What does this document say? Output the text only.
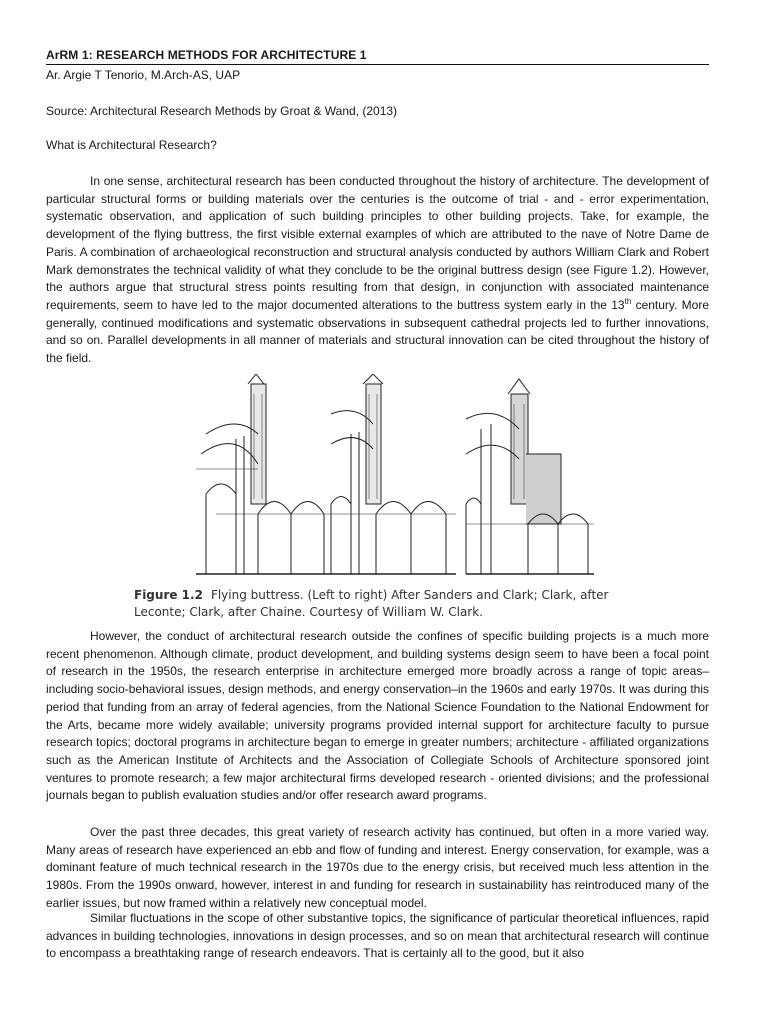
ArRM 1: RESEARCH METHODS FOR ARCHITECTURE 1
Ar. Argie T Tenorio, M.Arch-AS, UAP
Source: Architectural Research Methods by Groat & Wand, (2013)
What is Architectural Research?

In one sense, architectural research has been conducted throughout the history of architecture. The development of particular structural forms or building materials over the centuries is the outcome of trial - and - error experimentation, systematic observation, and application of such building principles to other building projects. Take, for example, the development of the flying buttress, the first visible external examples of which are attributed to the nave of Notre Dame de Paris. A combination of archaeological reconstruction and structural analysis conducted by authors William Clark and Robert Mark demonstrates the technical validity of what they conclude to be the original buttress design (see Figure 1.2). However, the authors argue that structural stress points resulting from that design, in conjunction with associated maintenance requirements, seem to have led to the major documented alterations to the buttress system early in the 13th century. More generally, continued modifications and systematic observations in subsequent cathedral projects led to further innovations, and so on. Parallel developments in all manner of materials and structural innovation can be cited throughout the history of the field.

Figure 1.2 Flying buttress. (Left to right) After Sanders and Clark; Clark, after Leconte; Clark, after Chaine. Courtesy of William W. Clark.

However, the conduct of architectural research outside the confines of specific building projects is a much more recent phenomenon. Although climate, product development, and building systems design seem to have been a focal point of research in the 1950s, the research enterprise in architecture emerged more broadly across a range of topic areas–including socio-behavioral issues, design methods, and energy conservation–in the 1960s and early 1970s. It was during this period that funding from an array of federal agencies, from the National Science Foundation to the National Endowment for the Arts, became more widely available; university programs provided internal support for architecture faculty to pursue research topics; doctoral programs in architecture began to emerge in greater numbers; architecture - affiliated organizations such as the American Institute of Architects and the Association of Collegiate Schools of Architecture sponsored joint ventures to promote research; a few major architectural firms developed research - oriented divisions; and the professional journals began to publish evaluation studies and/or offer research award programs.

Over the past three decades, this great variety of research activity has continued, but often in a more varied way. Many areas of research have experienced an ebb and flow of funding and interest. Energy conservation, for example, was a dominant feature of much technical research in the 1970s due to the energy crisis, but received much less attention in the 1980s. From the 1990s onward, however, interest in and funding for research in sustainability has reintroduced many of the earlier issues, but now framed within a relatively new conceptual model.

Similar fluctuations in the scope of other substantive topics, the significance of particular theoretical influences, rapid advances in building technologies, innovations in design processes, and so on mean that architectural research will continue to encompass a breathtaking range of research endeavors. That is certainly all to the good, but it also
